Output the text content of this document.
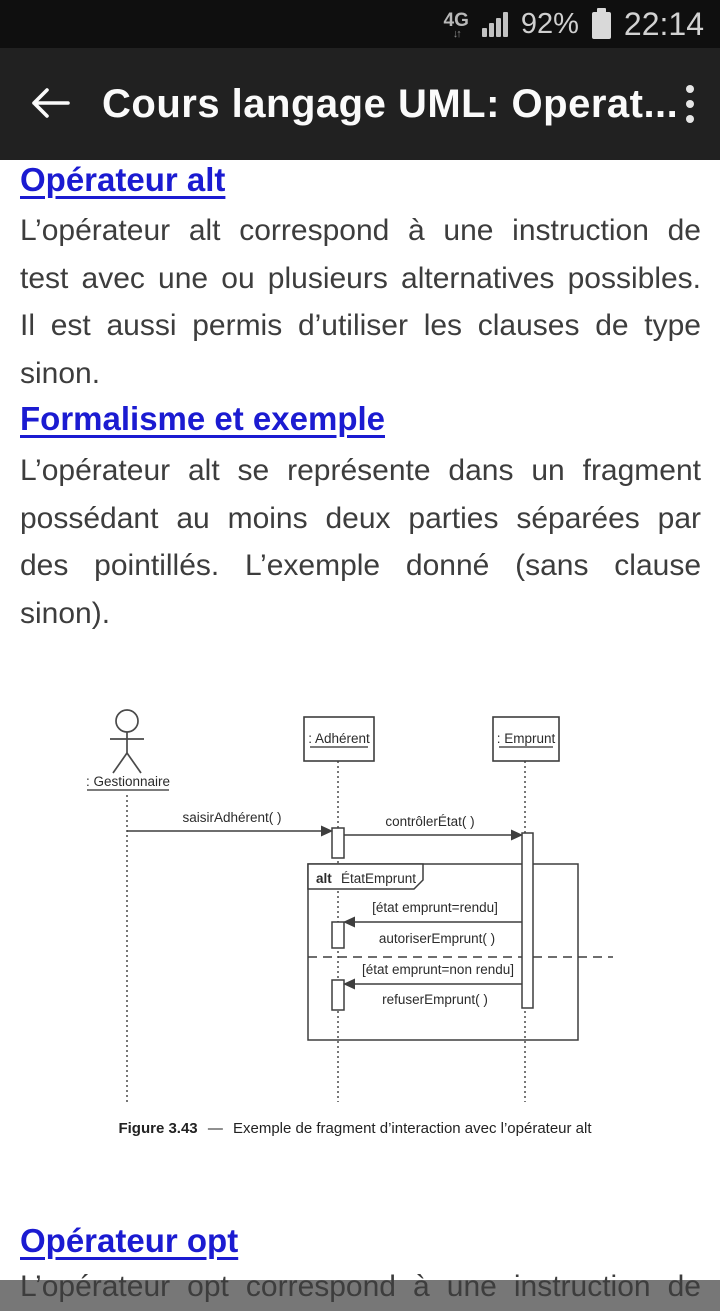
4G
↓↑ 92% 22:14
Cours langage UML: Operat...
Opérateur alt
L’opérateur alt correspond à une instruction de
test avec une ou plusieurs alternatives possibles.
Il est aussi permis d’utiliser les clauses de type
sinon.
Formalisme et exemple
L’opérateur alt se représente dans un fragment
possédant au moins deux parties séparées par
des pointillés. L’exemple donné (sans clause
sinon).
: Gestionnaire
: Adhérent	: Emprunt
alt ÉtatEmprunt
saisirAdhérent( )	contrôlerÉtat( )
[état emprunt=rendu]
autoriserEmprunt( )
[état emprunt=non rendu]
refuserEmprunt( )
Figure 3.43 — Exemple de fragment d’interaction avec l’opérateur alt
Opérateur opt
L’opérateur opt correspond à une instruction de
